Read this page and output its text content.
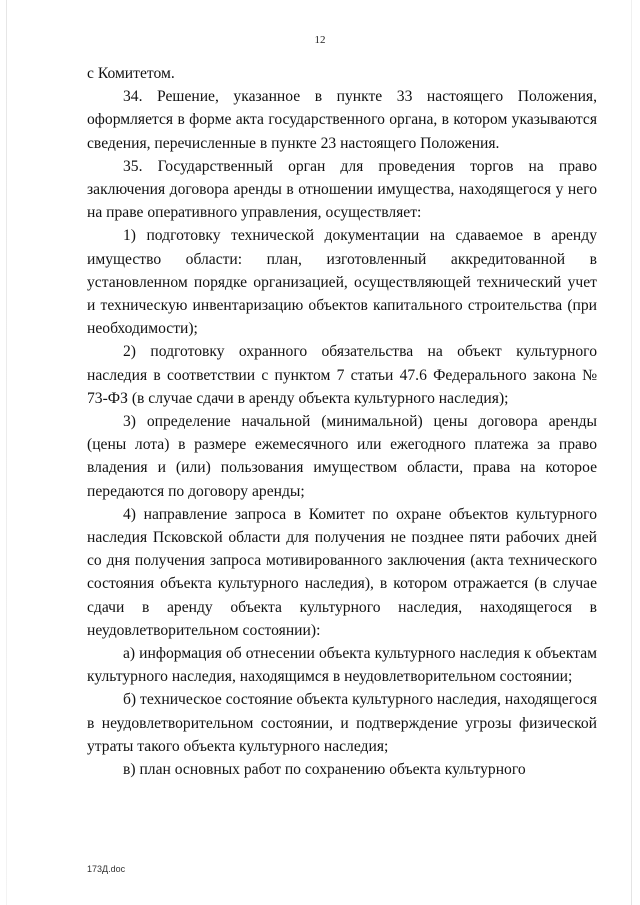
12

с Комитетом.

34. Решение, указанное в пункте 33 настоящего Положения, оформляется в форме акта государственного органа, в котором указываются сведения, перечисленные в пункте 23 настоящего Положения.

35. Государственный орган для проведения торгов на право заключения договора аренды в отношении имущества, находящегося у него на праве оперативного управления, осуществляет:

1) подготовку технической документации на сдаваемое в аренду имущество области: план, изготовленный аккредитованной в установленном порядке организацией, осуществляющей технический учет и техническую инвентаризацию объектов капитального строительства (при необходимости);

2) подготовку охранного обязательства на объект культурного наследия в соответствии с пунктом 7 статьи 47.6 Федерального закона № 73-ФЗ (в случае сдачи в аренду объекта культурного наследия);

3) определение начальной (минимальной) цены договора аренды (цены лота) в размере ежемесячного или ежегодного платежа за право владения и (или) пользования имуществом области, права на которое передаются по договору аренды;

4) направление запроса в Комитет по охране объектов культурного наследия Псковской области для получения не позднее пяти рабочих дней со дня получения запроса мотивированного заключения (акта технического состояния объекта культурного наследия), в котором отражается (в случае сдачи в аренду объекта культурного наследия, находящегося в неудовлетворительном состоянии):

а) информация об отнесении объекта культурного наследия к объектам культурного наследия, находящимся в неудовлетворительном состоянии;

б) техническое состояние объекта культурного наследия, находящегося в неудовлетворительном состоянии, и подтверждение угрозы физической утраты такого объекта культурного наследия;

в) план основных работ по сохранению объекта культурного

173Д.doc
